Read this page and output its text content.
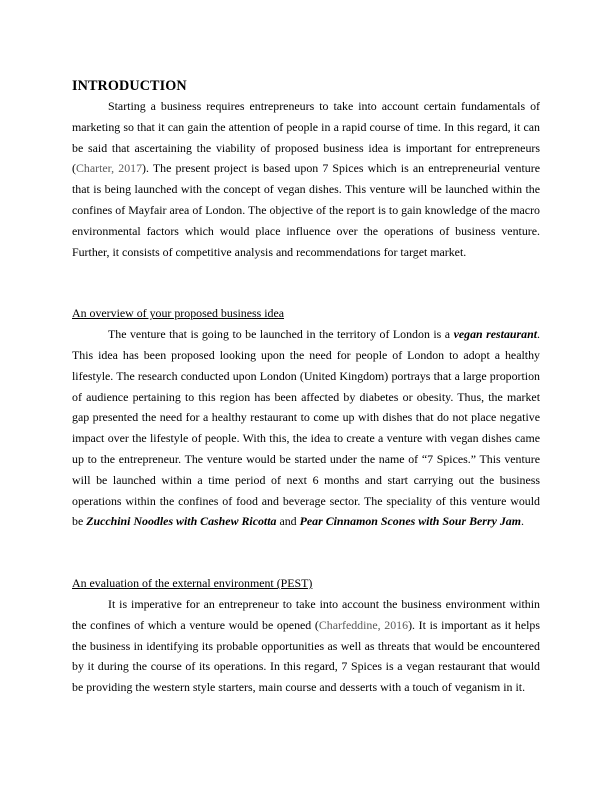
INTRODUCTION

Starting a business requires entrepreneurs to take into account certain fundamentals of marketing so that it can gain the attention of people in a rapid course of time. In this regard, it can be said that ascertaining the viability of proposed business idea is important for entrepreneurs (Charter, 2017). The present project is based upon 7 Spices which is an entrepreneurial venture that is being launched with the concept of vegan dishes. This venture will be launched within the confines of Mayfair area of London. The objective of the report is to gain knowledge of the macro environmental factors which would place influence over the operations of business venture. Further, it consists of competitive analysis and recommendations for target market.

An overview of your proposed business idea

The venture that is going to be launched in the territory of London is a vegan restaurant. This idea has been proposed looking upon the need for people of London to adopt a healthy lifestyle. The research conducted upon London (United Kingdom) portrays that a large proportion of audience pertaining to this region has been affected by diabetes or obesity. Thus, the market gap presented the need for a healthy restaurant to come up with dishes that do not place negative impact over the lifestyle of people. With this, the idea to create a venture with vegan dishes came up to the entrepreneur. The venture would be started under the name of “7 Spices.” This venture will be launched within a time period of next 6 months and start carrying out the business operations within the confines of food and beverage sector. The speciality of this venture would be Zucchini Noodles with Cashew Ricotta and Pear Cinnamon Scones with Sour Berry Jam.

An evaluation of the external environment (PEST)

It is imperative for an entrepreneur to take into account the business environment within the confines of which a venture would be opened (Charfeddine, 2016). It is important as it helps the business in identifying its probable opportunities as well as threats that would be encountered by it during the course of its operations. In this regard, 7 Spices is a vegan restaurant that would be providing the western style starters, main course and desserts with a touch of veganism in it.
